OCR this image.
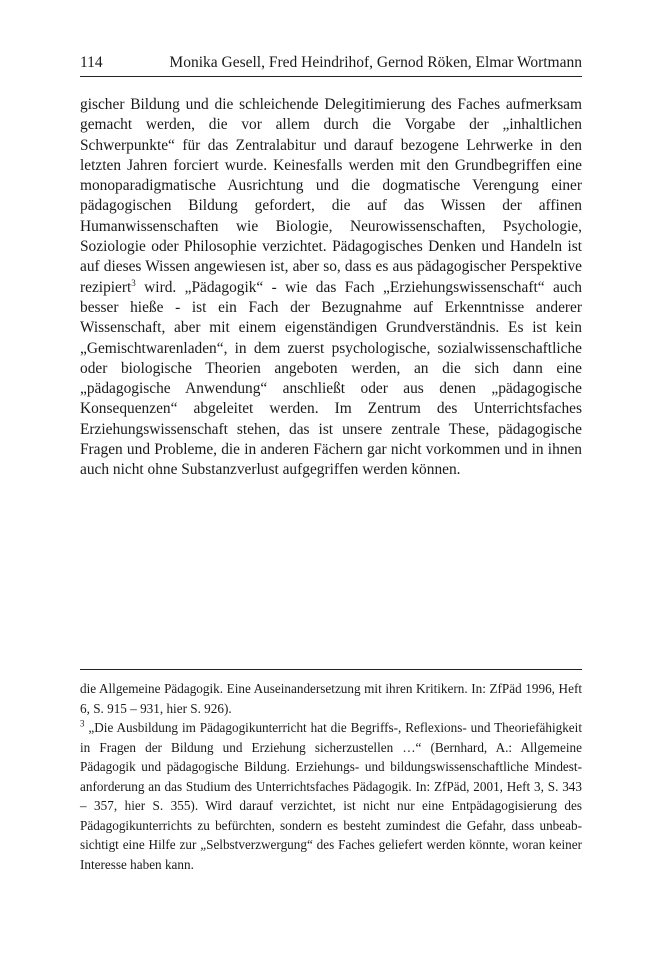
114	Monika Gesell, Fred Heindrihof, Gernod Röken, Elmar Wortmann

gischer Bildung und die schleichende Delegitimierung des Faches aufmerksam gemacht werden, die vor allem durch die Vorgabe der „inhaltlichen Schwerpunkte“ für das Zentralabitur und darauf bezogene Lehrwerke in den letzten Jahren forciert wurde. Keinesfalls werden mit den Grundbegriffen eine monoparadigmatische Ausrichtung und die dogmatische Verengung einer pädagogischen Bildung gefordert, die auf das Wissen der affinen Humanwissenschaften wie Biologie, Neurowissenschaften, Psychologie, Soziologie oder Philosophie verzichtet. Pädagogisches Denken und Handeln ist auf dieses Wissen angewiesen ist, aber so, dass es aus pädagogischer Perspektive rezipiert$^3$ wird. „Pädagogik“ - wie das Fach „Erziehungswissenschaft“ auch besser hieße - ist ein Fach der Bezugnahme auf Erkenntnisse anderer Wissenschaft, aber mit einem eigenständigen Grundverständnis. Es ist kein „Gemischtwarenladen“, in dem zuerst psychologische, sozialwissenschaftliche oder biologische Theorien angeboten werden, an die sich dann eine „pädagogische Anwendung“ anschließt oder aus denen „pädagogische Konsequenzen“ abgeleitet werden. Im Zentrum des Unterrichtsfaches Erziehungswissenschaft stehen, das ist unsere zentrale These, pädagogische Fragen und Probleme, die in anderen Fächern gar nicht vorkommen und in ihnen auch nicht ohne Substanzverlust aufgegriffen werden können.

die Allgemeine Pädagogik. Eine Auseinandersetzung mit ihren Kritikern. In: ZfPäd 1996, Heft 6, S. 915 – 931, hier S. 926).

$^3$ „Die Ausbildung im Pädagogikunterricht hat die Begriffs-, Reflexions- und Theoriefähigkeit in Fragen der Bildung und Erziehung sicherzustellen …“ (Bernhard, A.: Allgemeine Pädagogik und pädagogische Bildung. Erziehungs- und bildungswissenschaftliche Mindestanforderung an das Studium des Unterrichtsfaches Pädagogik. In: ZfPäd, 2001, Heft 3, S. 343 – 357, hier S. 355). Wird darauf verzichtet, ist nicht nur eine Entpädagogisierung des Pädagogikunterrichts zu befürchten, sondern es besteht zumindest die Gefahr, dass unbeabsichtigt eine Hilfe zur „Selbstverzwergung“ des Faches geliefert werden könnte, woran keiner Interesse haben kann.
